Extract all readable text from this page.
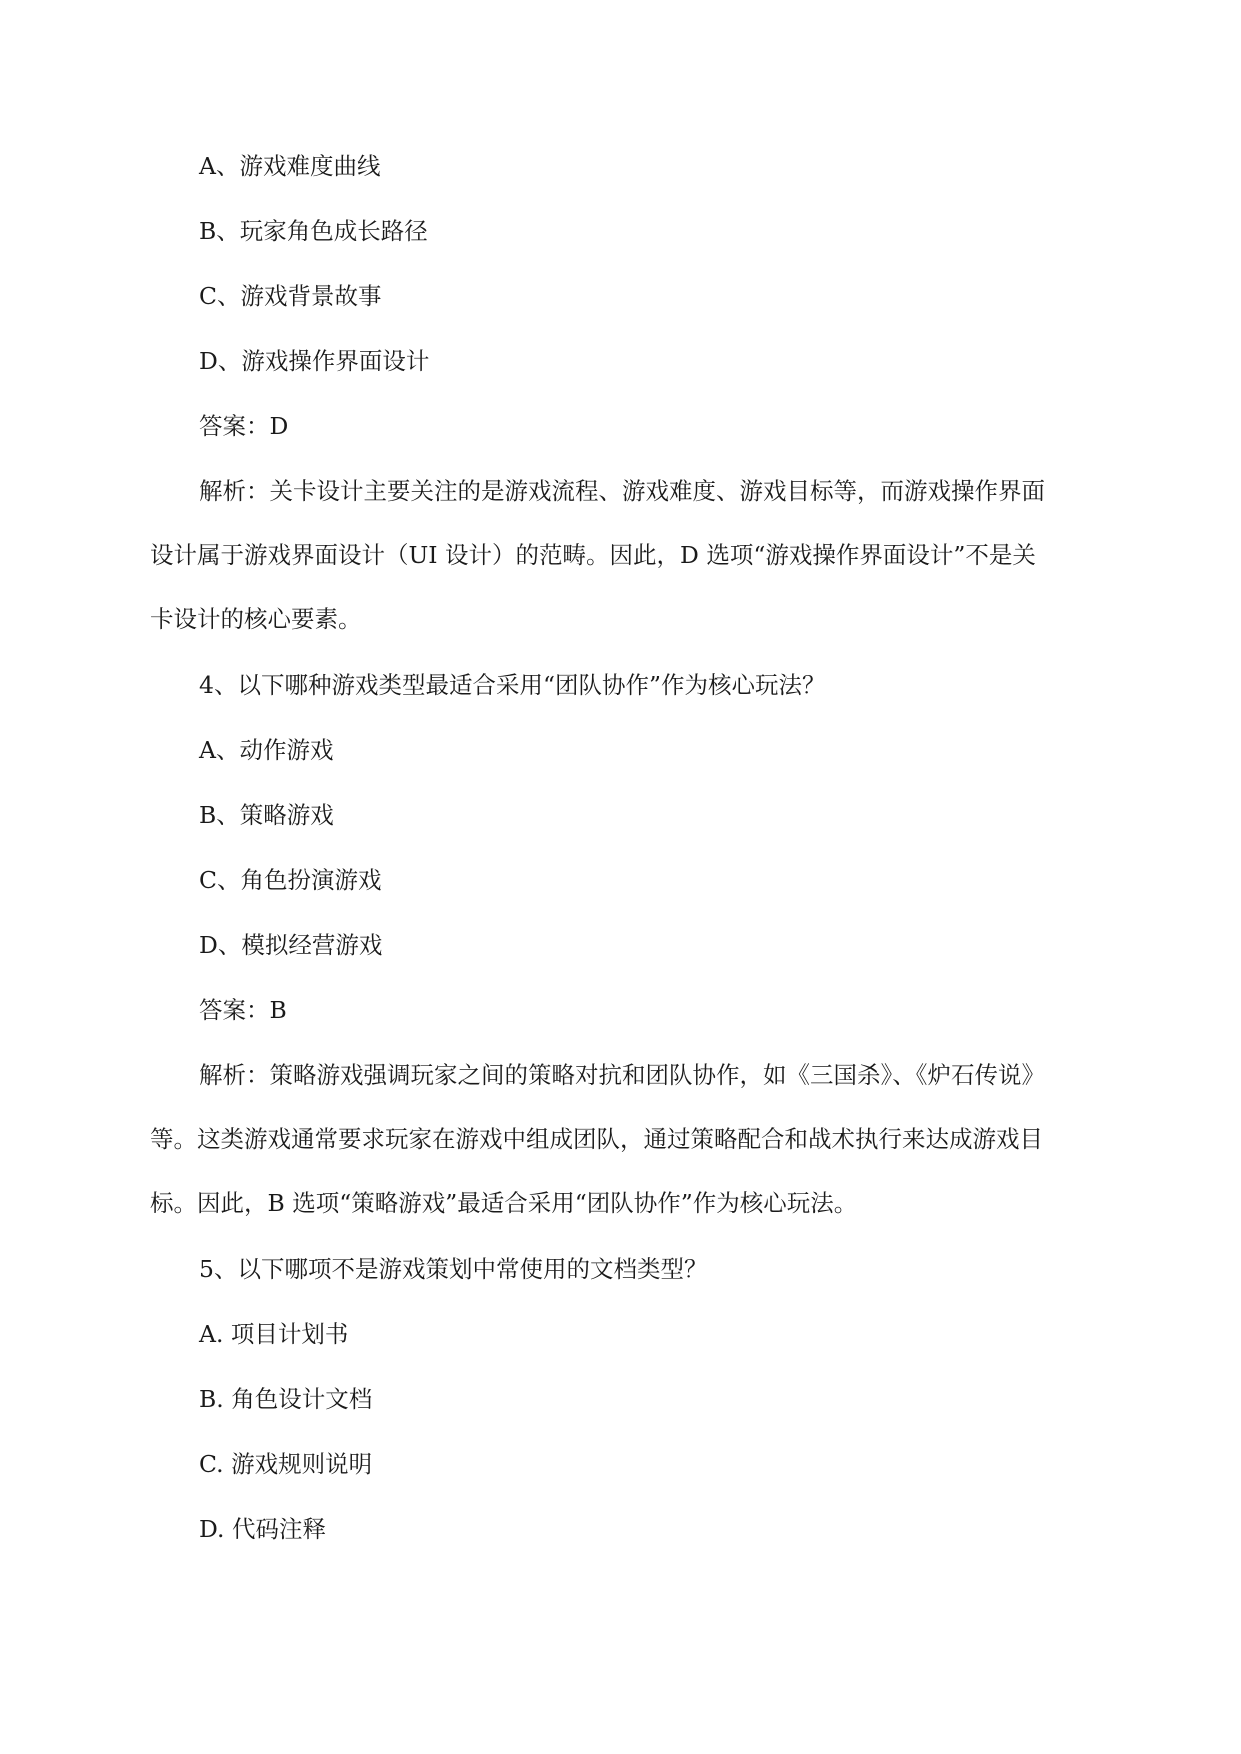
A、游戏难度曲线
B、玩家角色成长路径
C、游戏背景故事
D、游戏操作界面设计
答案：D
解析：关卡设计主要关注的是游戏流程、游戏难度、游戏目标等，而游戏操作界面
设计属于游戏界面设计（UI 设计）的范畴。因此，D 选项“游戏操作界面设计”不是关
卡设计的核心要素。
4、以下哪种游戏类型最适合采用“团队协作”作为核心玩法？
A、动作游戏
B、策略游戏
C、角色扮演游戏
D、模拟经营游戏
答案：B
解析：策略游戏强调玩家之间的策略对抗和团队协作，如《三国杀》、《炉石传说》
等。这类游戏通常要求玩家在游戏中组成团队，通过策略配合和战术执行来达成游戏目
标。因此，B 选项“策略游戏”最适合采用“团队协作”作为核心玩法。
5、以下哪项不是游戏策划中常使用的文档类型？
A. 项目计划书
B. 角色设计文档
C. 游戏规则说明
D. 代码注释
